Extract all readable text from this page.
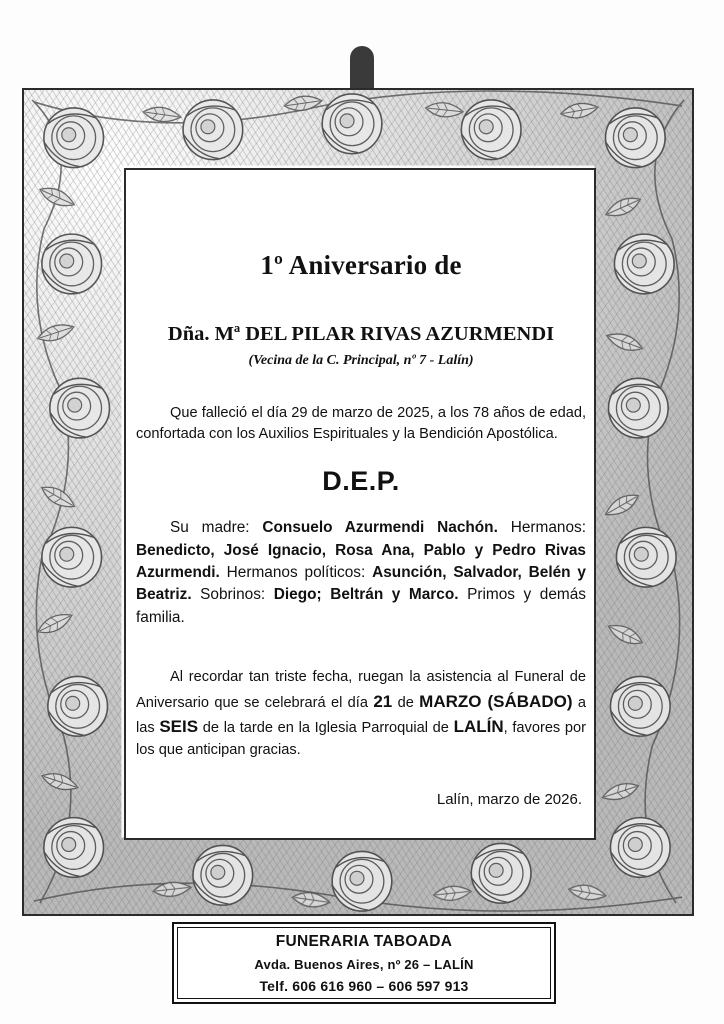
1º Aniversario de
Dña. Mª DEL PILAR RIVAS AZURMENDI
(Vecina de la C. Principal, nº 7 - Lalín)
Que falleció el día 29 de marzo de 2025, a los 78 años de edad, confortada con los Auxilios Espirituales y la Bendición Apostólica.
D.E.P.
Su madre: Consuelo Azurmendi Nachón. Hermanos: Benedicto, José Ignacio, Rosa Ana, Pablo y Pedro Rivas Azurmendi. Hermanos políticos: Asunción, Salvador, Belén y Beatriz. Sobrinos: Diego; Beltrán y Marco. Primos y demás familia.
Al recordar tan triste fecha, ruegan la asistencia al Funeral de Aniversario que se celebrará el día 21 de MARZO (SÁBADO) a las SEIS de la tarde en la Iglesia Parroquial de LALÍN, favores por los que anticipan gracias.
Lalín, marzo de 2026.
FUNERARIA TABOADA
Avda. Buenos Aires, nº 26 – LALÍN
Telf. 606 616 960 – 606 597 913
